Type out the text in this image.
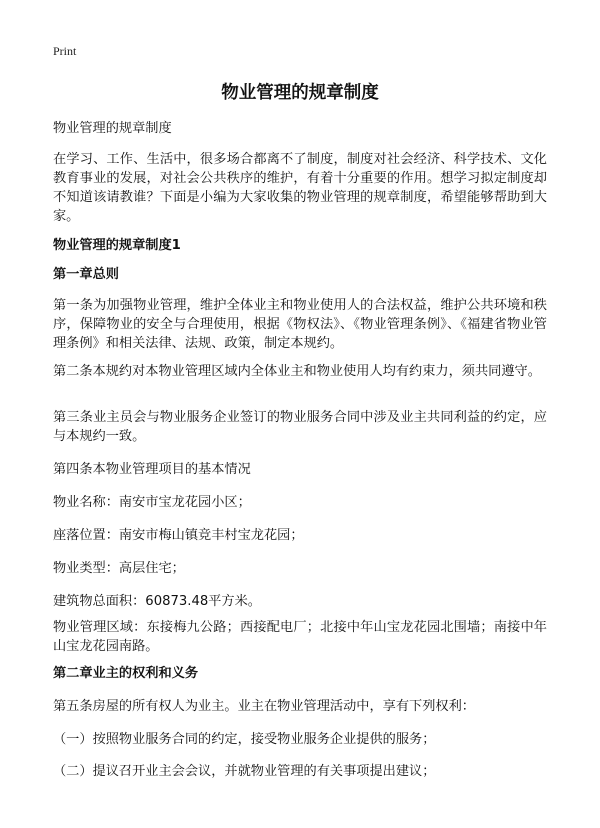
Print
物业管理的规章制度

物业管理的规章制度

在学习、工作、生活中，很多场合都离不了制度，制度对社会经济、科学技术、文化教育事业的发展，对社会公共秩序的维护，有着十分重要的作用。想学习拟定制度却不知道该请教谁？下面是小编为大家收集的物业管理的规章制度，希望能够帮助到大家。

物业管理的规章制度1
第一章总则

第一条为加强物业管理，维护全体业主和物业使用人的合法权益，维护公共环境和秩序，保障物业的安全与合理使用，根据《物权法》、《物业管理条例》、《福建省物业管理条例》和相关法律、法规、政策，制定本规约。

第二条本规约对本物业管理区域内全体业主和物业使用人均有约束力，须共同遵守。

第三条业主员会与物业服务企业签订的物业服务合同中涉及业主共同利益的约定，应与本规约一致。

第四条本物业管理项目的基本情况

物业名称：南安市宝龙花园小区；

座落位置：南安市梅山镇竞丰村宝龙花园；

物业类型：高层住宅；

建筑物总面积：60873.48平方米。

物业管理区域：东接梅九公路；西接配电厂；北接中年山宝龙花园北围墙；南接中年山宝龙花园南路。

第二章业主的权利和义务

第五条房屋的所有权人为业主。业主在物业管理活动中，享有下列权利：

（一）按照物业服务合同的约定，接受物业服务企业提供的服务；

（二）提议召开业主会会议，并就物业管理的有关事项提出建议；
